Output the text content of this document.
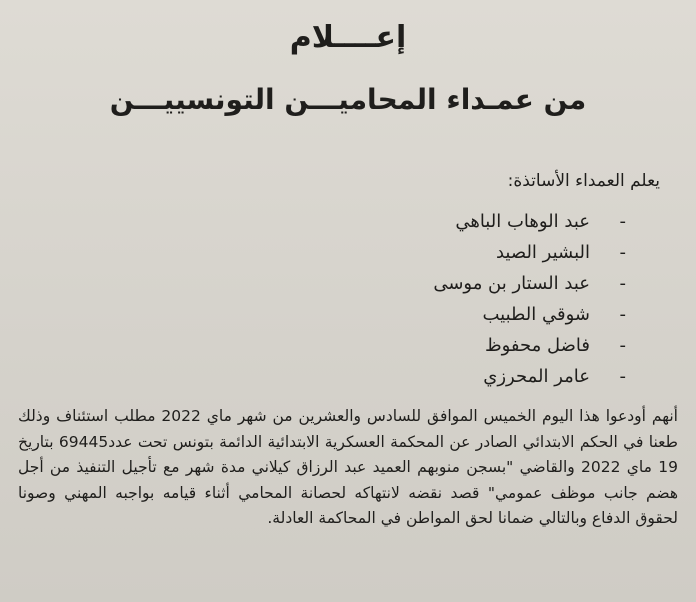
إعــــلام
من عمـداء المحاميـــن التونسييـــن
يعلم العمداء الأساتذة:
-عبد الوهاب الباهي
-البشير الصيد
-عبد الستار بن موسى
-شوقي الطبيب
-فاضل محفوظ
-عامر المحرزي
أنهم أودعوا هذا اليوم الخميس الموافق للسادس والعشرين من شهر ماي 2022 مطلب استئناف وذلك طعنا في الحكم الابتدائي الصادر عن المحكمة العسكرية الابتدائية الدائمة بتونس تحت عدد69445 بتاريخ 19 ماي 2022 والقاضي "بسجن منوبهم العميد عبد الرزاق كيلاني مدة شهر مع تأجيل التنفيذ من أجل هضم جانب موظف عمومي" قصد نقضه لانتهاكه لحصانة المحامي أثناء قيامه بواجبه المهني وصونا لحقوق الدفاع وبالتالي ضمانا لحق المواطن في المحاكمة العادلة.
